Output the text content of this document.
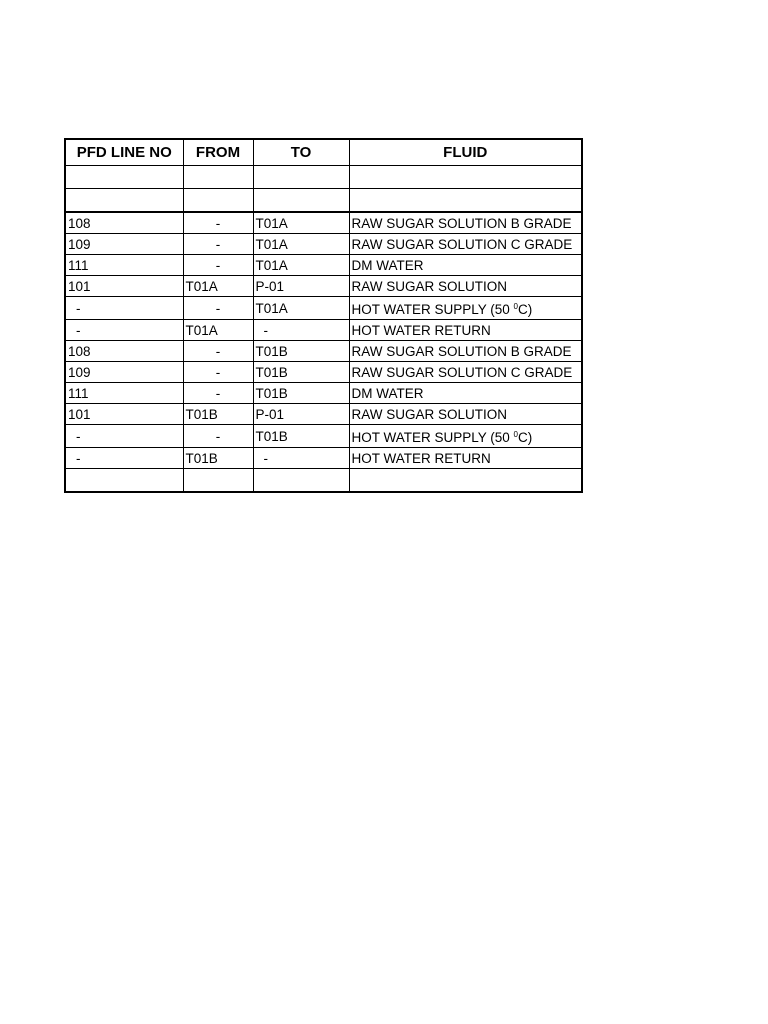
PFD LINE NO	FROM	TO	FLUID

108	-	T01A	RAW SUGAR SOLUTION B GRADE
109	-	T01A	RAW SUGAR SOLUTION C GRADE
111	-	T01A	DM WATER
101	T01A	P-01	RAW SUGAR SOLUTION
-	-	T01A	HOT WATER SUPPLY (50 $^0$C)
-	T01A	-	HOT WATER RETURN
108	-	T01B	RAW SUGAR SOLUTION B GRADE
109	-	T01B	RAW SUGAR SOLUTION C GRADE
111	-	T01B	DM WATER
101	T01B	P-01	RAW SUGAR SOLUTION
-	-	T01B	HOT WATER SUPPLY (50 $^0$C)
-	T01B	-	HOT WATER RETURN
